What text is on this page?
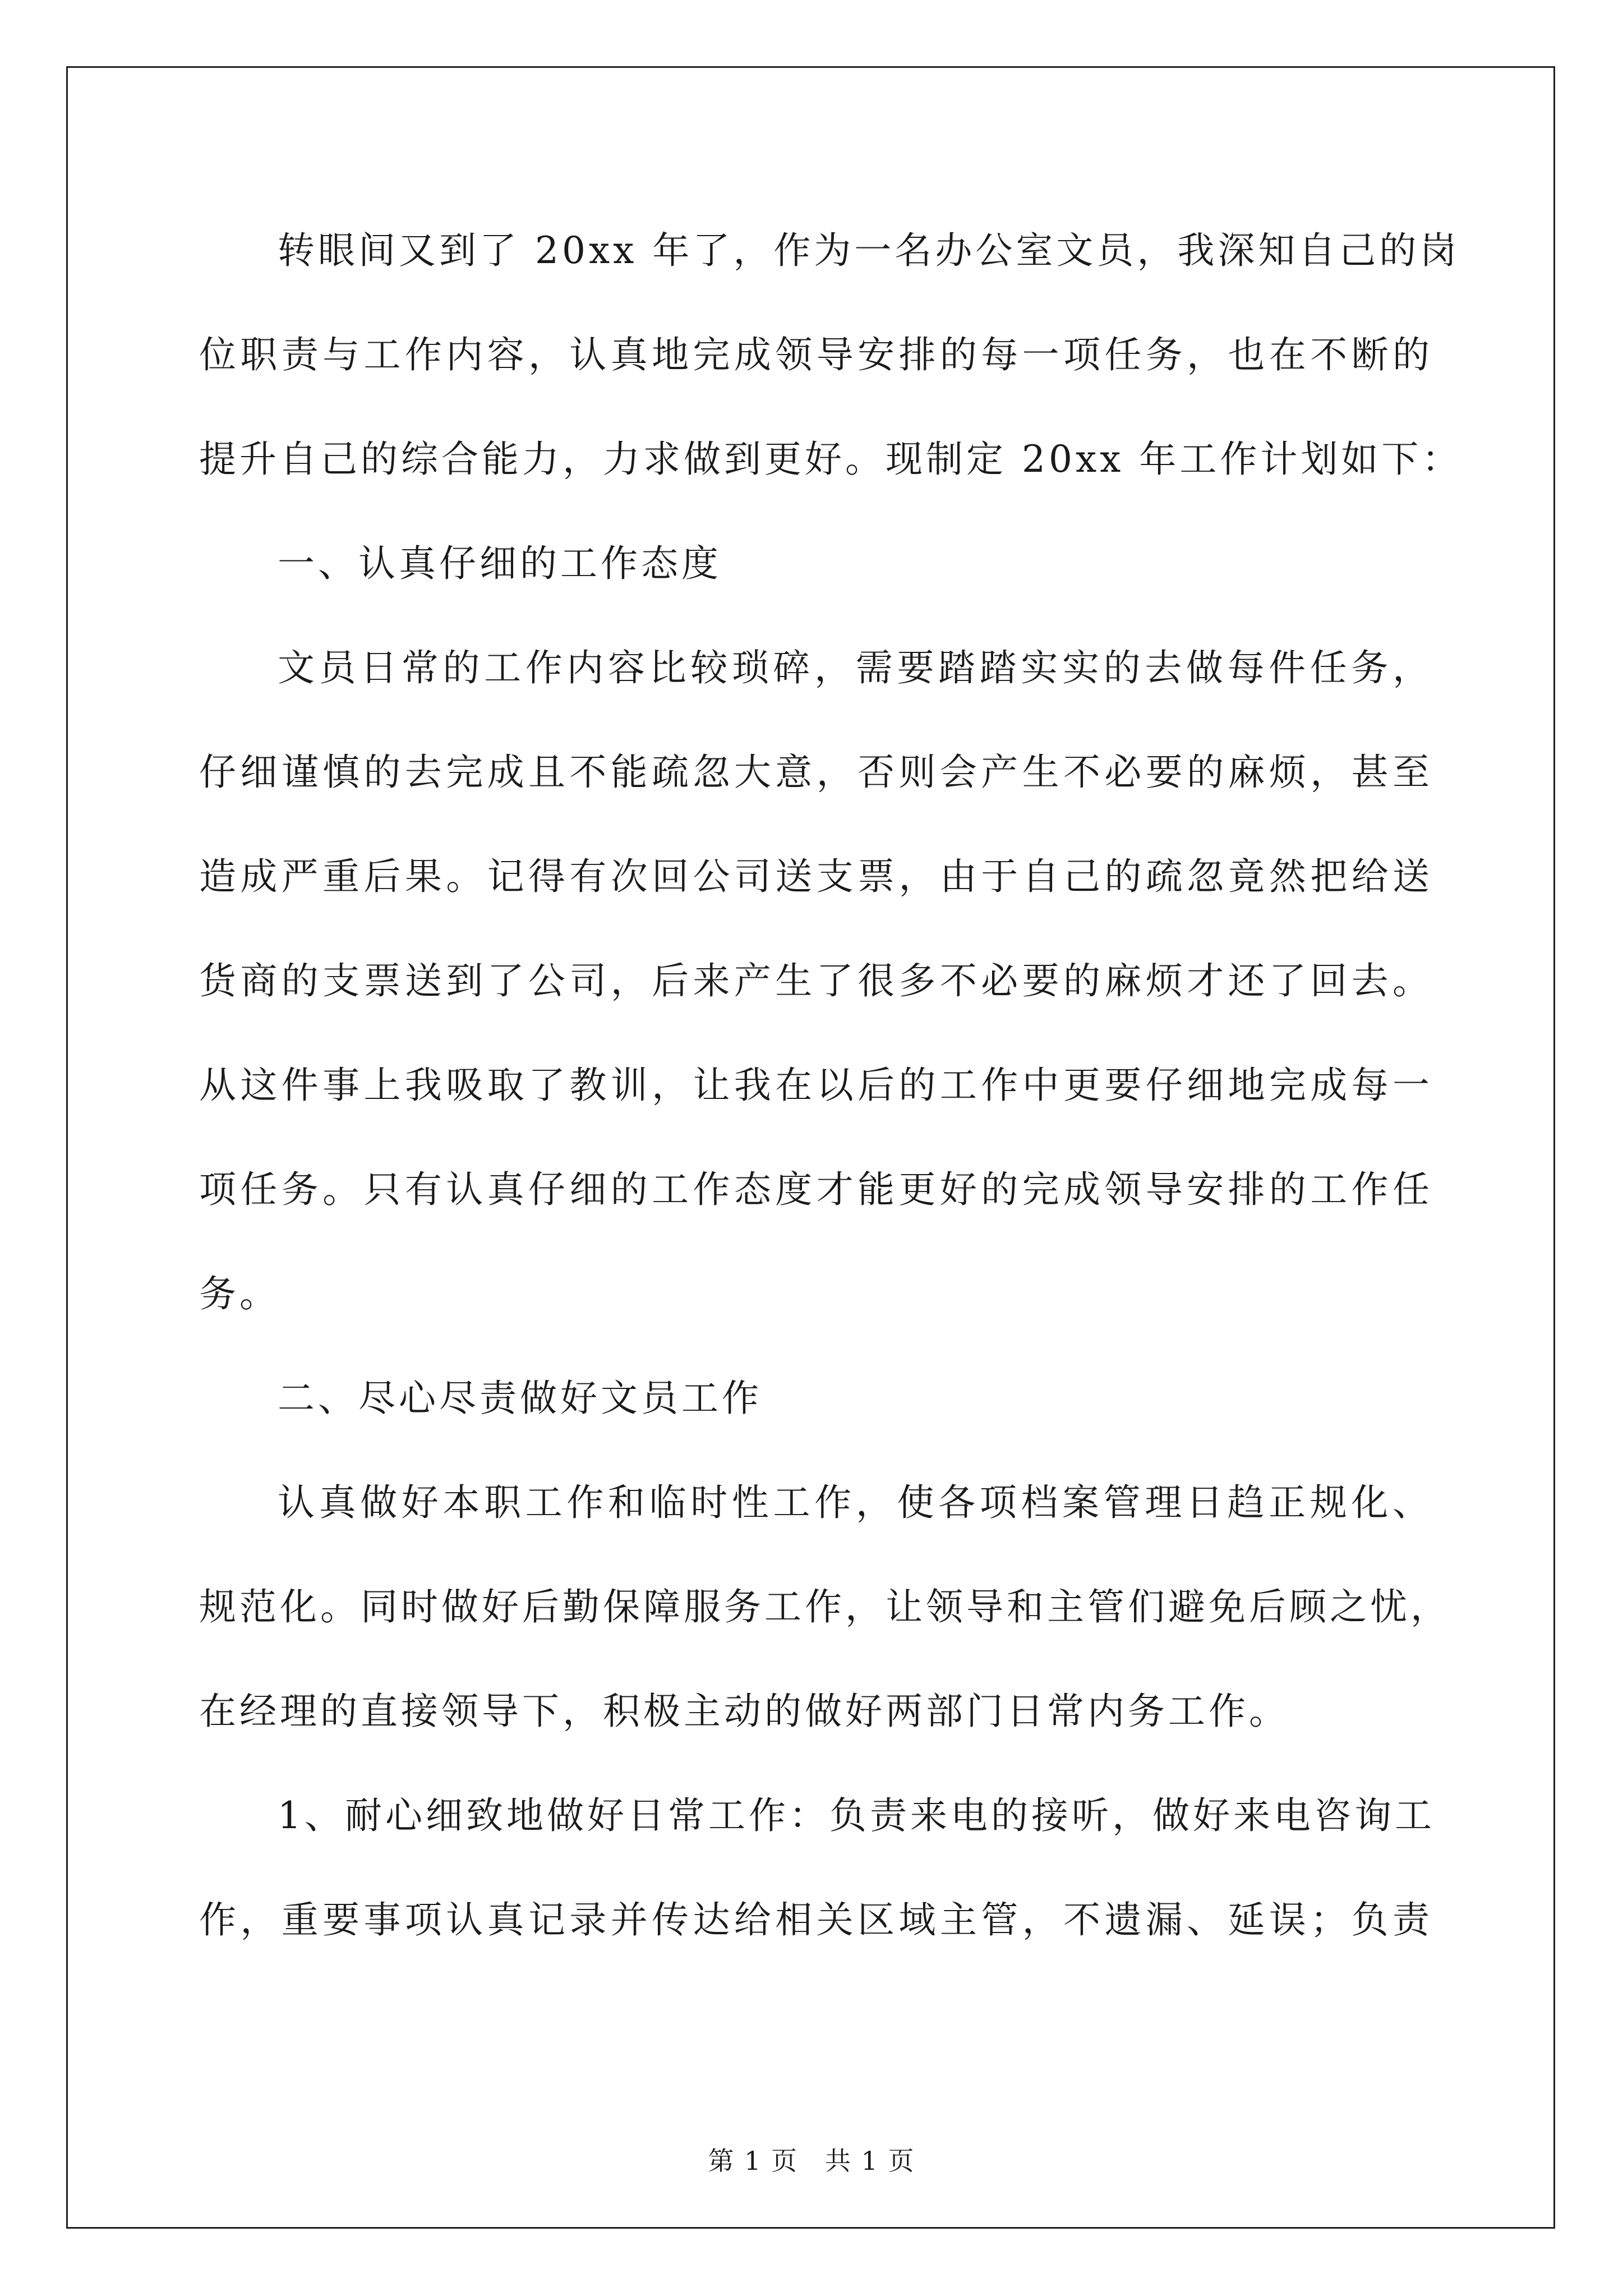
转眼间又到了 20xx 年了，作为一名办公室文员，我深知自己的岗
位职责与工作内容，认真地完成领导安排的每一项任务，也在不断的
提升自己的综合能力，力求做到更好。现制定 20xx 年工作计划如下：
一、认真仔细的工作态度
文员日常的工作内容比较琐碎，需要踏踏实实的去做每件任务，
仔细谨慎的去完成且不能疏忽大意，否则会产生不必要的麻烦，甚至
造成严重后果。记得有次回公司送支票，由于自己的疏忽竟然把给送
货商的支票送到了公司，后来产生了很多不必要的麻烦才还了回去。
从这件事上我吸取了教训，让我在以后的工作中更要仔细地完成每一
项任务。只有认真仔细的工作态度才能更好的完成领导安排的工作任
务。
二、尽心尽责做好文员工作
认真做好本职工作和临时性工作，使各项档案管理日趋正规化、
规范化。同时做好后勤保障服务工作，让领导和主管们避免后顾之忧，
在经理的直接领导下，积极主动的做好两部门日常内务工作。
1、耐心细致地做好日常工作：负责来电的接听，做好来电咨询工
作，重要事项认真记录并传达给相关区域主管，不遗漏、延误；负责
第 1 页　共 1 页
